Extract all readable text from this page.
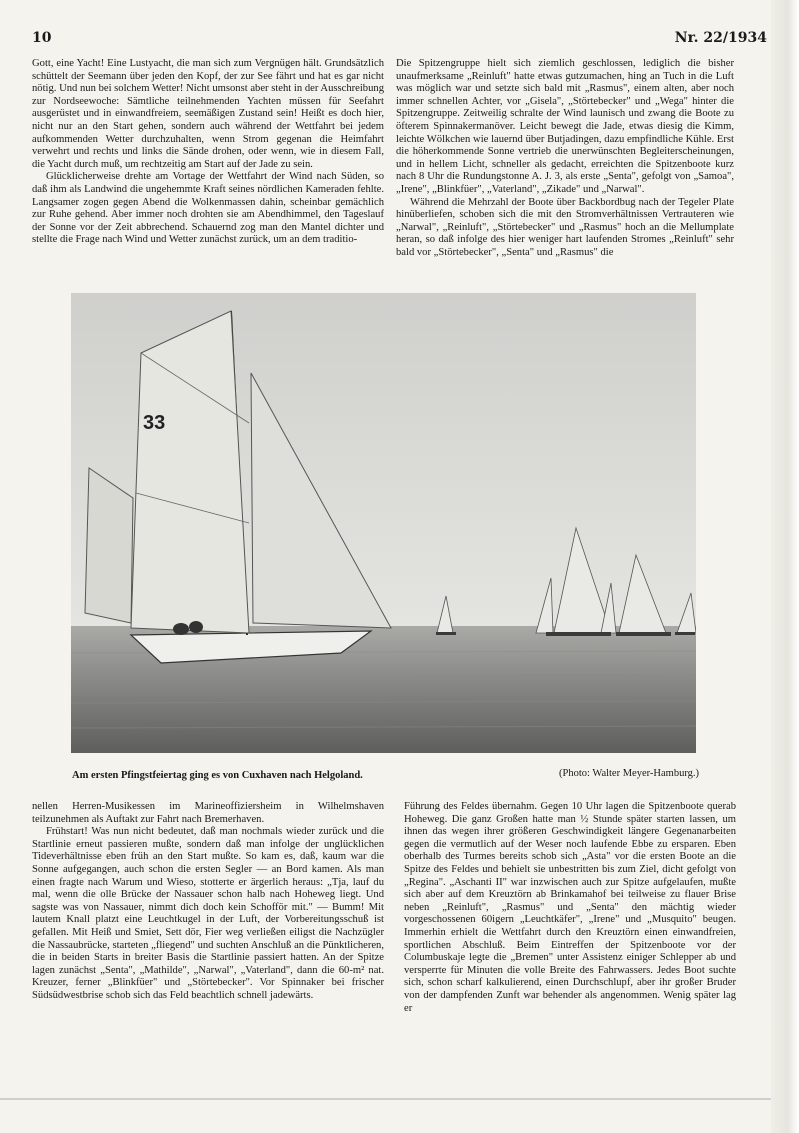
10	Nr. 22/1934

Gott, eine Yacht! Eine Lustyacht, die man sich zum Vergnügen hält. Grundsätzlich schüttelt der Seemann über jeden den Kopf, der zur See fährt und hat es gar nicht nötig. Und nun bei solchem Wetter! Nicht umsonst aber steht in der Ausschreibung zur Nordseewoche: Sämtliche teilnehmenden Yachten müssen für Seefahrt ausgerüstet und in einwandfreiem, seemäßigen Zustand sein! Heißt es doch hier, nicht nur an den Start gehen, sondern auch während der Wettfahrt bei jedem aufkommenden Wetter durchzuhalten, wenn Strom gegenan die Heimfahrt verwehrt und rechts und links die Sände drohen, oder wenn, wie in diesem Fall, die Yacht durch muß, um rechtzeitig am Start auf der Jade zu sein.

Glücklicherweise drehte am Vortage der Wettfahrt der Wind nach Süden, so daß ihm als Landwind die ungehemmte Kraft seines nördlichen Kameraden fehlte. Langsamer zogen gegen Abend die Wolkenmassen dahin, scheinbar gemächlich zur Ruhe gehend. Aber immer noch drohten sie am Abendhimmel, den Tageslauf der Sonne vor der Zeit abbrechend. Schauernd zog man den Mantel dichter und stellte die Frage nach Wind und Wetter zunächst zurück, um an dem traditio-

Die Spitzengruppe hielt sich ziemlich geschlossen, lediglich die bisher unaufmerksame „Reinluft" hatte etwas gutzumachen, hing an Tuch in die Luft was möglich war und setzte sich bald mit „Rasmus", einem alten, aber noch immer schnellen Achter, vor „Gisela", „Störtebecker" und „Wega" hinter die Spitzengruppe. Zeitweilig schralte der Wind launisch und zwang die Boote zu öfterem Spinnakermanöver. Leicht bewegt die Jade, etwas diesig die Kimm, leichte Wölkchen wie lauernd über Butjadingen, dazu empfindliche Kühle. Erst die höherkommende Sonne vertrieb die unerwünschten Begleiterscheinungen, und in hellem Licht, schneller als gedacht, erreichten die Spitzenboote kurz nach 8 Uhr die Rundungstonne A. J. 3, als erste „Senta", gefolgt von „Samoa", „Irene", „Blinkfüer", „Vaterland", „Zikade" und „Narwal".

Während die Mehrzahl der Boote über Backbordbug nach der Tegeler Plate hinüberliefen, schoben sich die mit den Stromverhältnissen Vertrauteren wie „Narwal", „Reinluft", „Störtebecker" und „Rasmus" hoch an die Mellumplate heran, so daß infolge des hier weniger hart laufenden Stromes „Reinluft" sehr bald vor „Störtebecker", „Senta" und „Rasmus" die

33
Am ersten Pfingstfeiertag ging es von Cuxhaven nach Helgoland.	(Photo: Walter Meyer-Hamburg.)

nellen Herren-Musikessen im Marineoffiziersheim in Wilhelmshaven teilzunehmen als Auftakt zur Fahrt nach Bremerhaven.

Frühstart! Was nun nicht bedeutet, daß man nochmals wieder zurück und die Startlinie erneut passieren mußte, sondern daß man infolge der unglücklichen Tideverhältnisse eben früh an den Start mußte. So kam es, daß, kaum war die Sonne aufgegangen, auch schon die ersten Segler — an Bord kamen. Als man einen fragte nach Warum und Wieso, stotterte er ärgerlich heraus: „Tja, lauf du mal, wenn die olle Brücke der Nassauer schon halb nach Hoheweg liegt. Und sagste was von Nassauer, nimmt dich doch kein Schofför mit." — Bumm! Mit lautem Knall platzt eine Leuchtkugel in der Luft, der Vorbereitungsschuß ist gefallen. Mit Heiß und Smiet, Sett dör, Fier weg verließen eiligst die Nachzügler die Nassaubrücke, starteten „fliegend" und suchten Anschluß an die Pünktlicheren, die in beiden Starts in breiter Basis die Startlinie passiert hatten. An der Spitze lagen zunächst „Senta", „Mathilde", „Narwal", „Vaterland", dann die 60-m² nat. Kreuzer, ferner „Blinkfüer" und „Störtebecker". Vor Spinnaker bei frischer Südsüdwestbrise schob sich das Feld beachtlich schnell jadewärts.

Führung des Feldes übernahm. Gegen 10 Uhr lagen die Spitzenboote querab Hoheweg. Die ganz Großen hatte man ½ Stunde später starten lassen, um ihnen das wegen ihrer größeren Geschwindigkeit längere Gegenanarbeiten gegen die vermutlich auf der Weser noch laufende Ebbe zu ersparen. Eben oberhalb des Turmes bereits schob sich „Asta" vor die ersten Boote an die Spitze des Feldes und behielt sie unbestritten bis zum Ziel, dicht gefolgt von „Regina". „Aschanti II" war inzwischen auch zur Spitze aufgelaufen, mußte sich aber auf dem Kreuztörn ab Brinkamahof bei teilweise zu flauer Brise neben „Reinluft", „Rasmus" und „Senta" den mächtig wieder vorgeschossenen 60igern „Leuchtkäfer", „Irene" und „Musquito" beugen. Immerhin erhielt die Wettfahrt durch den Kreuztörn einen einwandfreien, sportlichen Abschluß. Beim Eintreffen der Spitzenboote vor der Columbuskaje legte die „Bremen" unter Assistenz einiger Schlepper ab und versperrte für Minuten die volle Breite des Fahrwassers. Jedes Boot suchte sich, schon scharf kalkulierend, einen Durchschlupf, aber ihr großer Bruder von der dampfenden Zunft war behender als angenommen. Wenig später lag er
